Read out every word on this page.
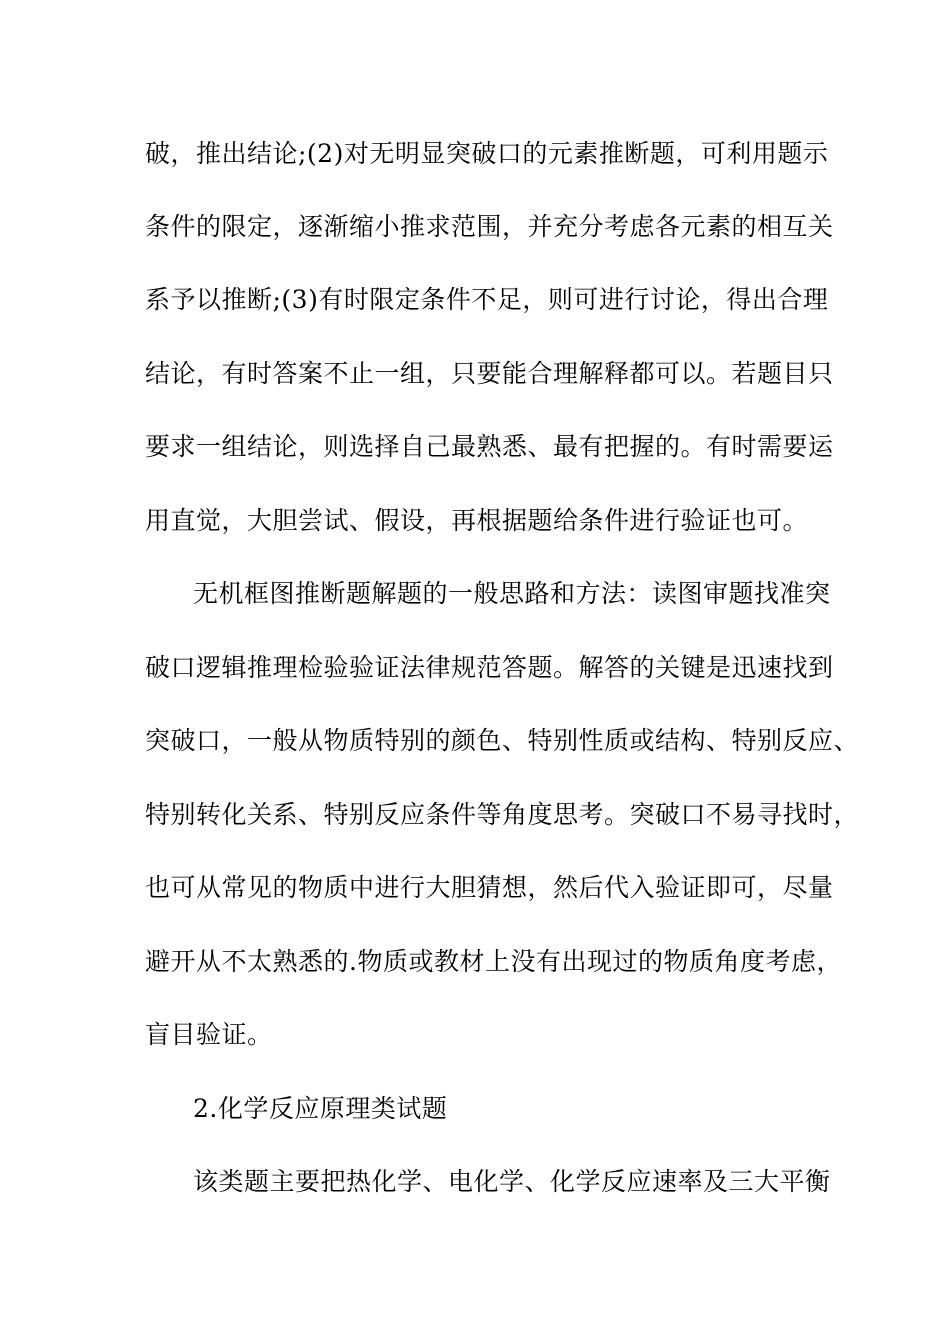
破，推出结论;(2)对无明显突破口的元素推断题，可利用题示
条件的限定，逐渐缩小推求范围，并充分考虑各元素的相互关
系予以推断;(3)有时限定条件不足，则可进行讨论，得出合理
结论，有时答案不止一组，只要能合理解释都可以。若题目只
要求一组结论，则选择自己最熟悉、最有把握的。有时需要运
用直觉，大胆尝试、假设，再根据题给条件进行验证也可。
无机框图推断题解题的一般思路和方法：读图审题找准突
破口逻辑推理检验验证法律规范答题。解答的关键是迅速找到
突破口，一般从物质特别的颜色、特别性质或结构、特别反应、
特别转化关系、特别反应条件等角度思考。突破口不易寻找时，
也可从常见的物质中进行大胆猜想，然后代入验证即可，尽量
避开从不太熟悉的.物质或教材上没有出现过的物质角度考虑，
盲目验证。
2.化学反应原理类试题
该类题主要把热化学、电化学、化学反应速率及三大平衡
